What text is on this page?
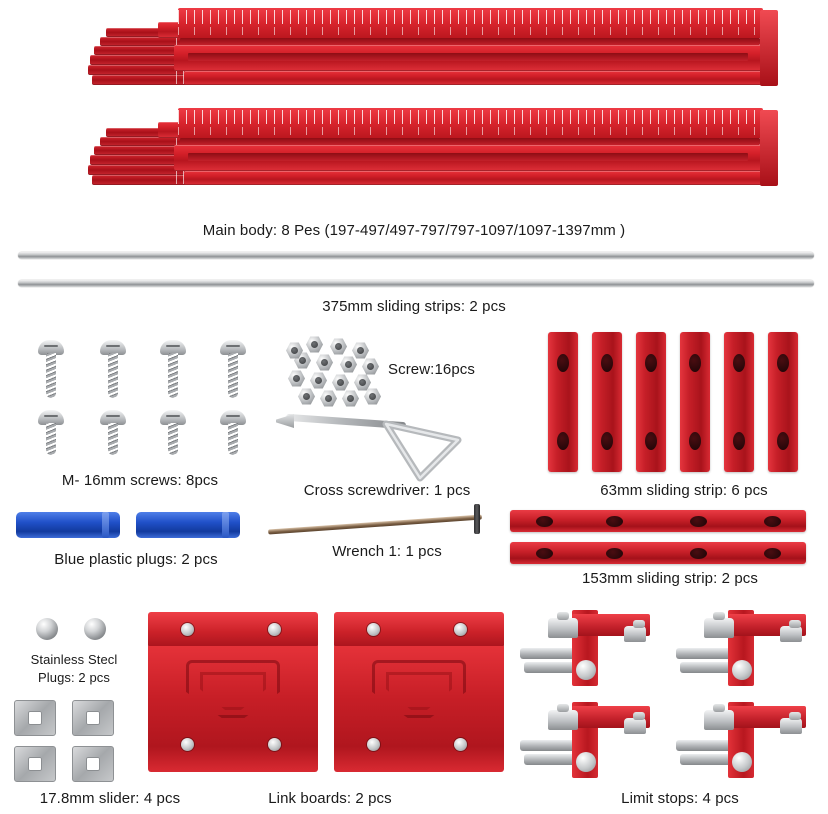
Main body: 8 Pes (197-497/497-797/797-1097/1097-1397mm )
375mm sliding strips: 2 pcs
M- 16mm screws: 8pcs
Screw:16pcs
Cross screwdriver: 1 pcs
Wrench 1: 1 pcs
Blue plastic plugs: 2 pcs
63mm sliding strip: 6 pcs
153mm sliding strip: 2 pcs
Stainless Stecl
Plugs: 2 pcs
17.8mm slider: 4 pcs	Link boards: 2 pcs	Limit stops: 4 pcs
